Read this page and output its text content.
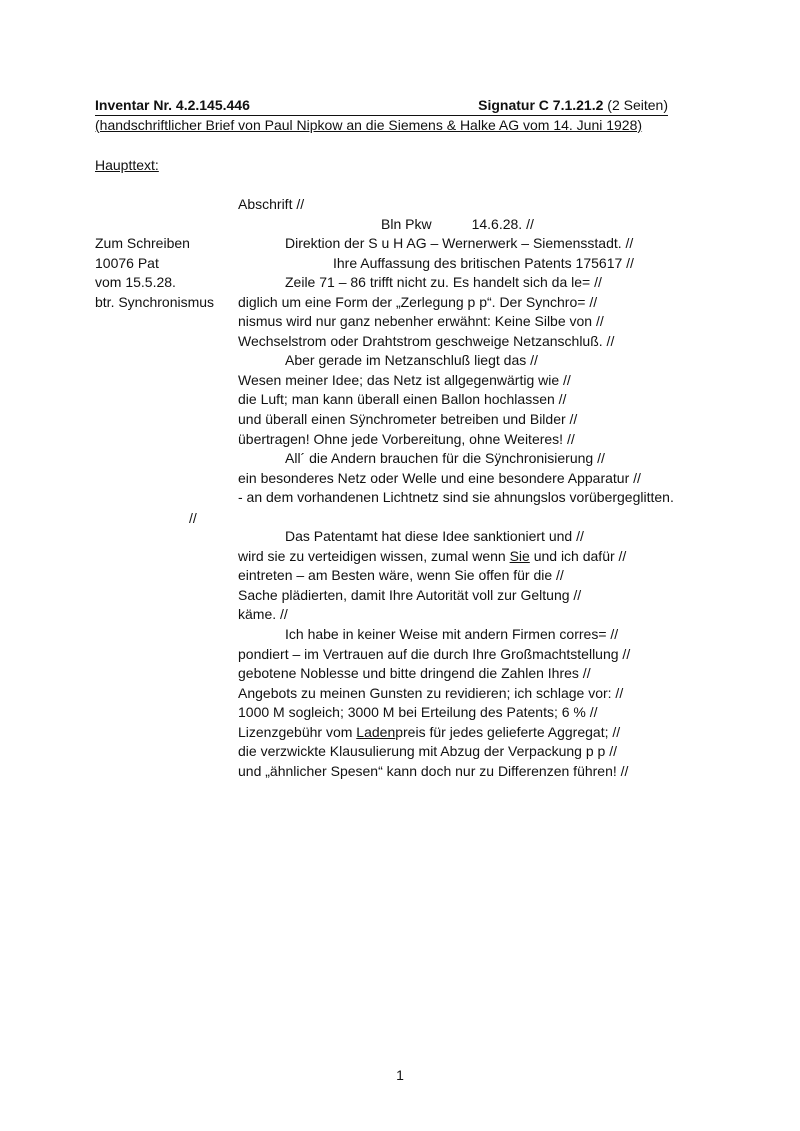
Inventar Nr. 4.2.145.446	Signatur C 7.1.21.2 (2 Seiten)
(handschriftlicher Brief von Paul Nipkow an die Siemens & Halke AG vom 14. Juni 1928)
Haupttext:
Zum Schreiben
10076 Pat
vom 15.5.28.
btr. Synchronismus
//
Abschrift //
Bln Pkw	14.6.28. //
Direktion der S u H AG – Wernerwerk – Siemensstadt. //
Ihre Auffassung des britischen Patents 175617 //
Zeile 71 – 86 trifft nicht zu. Es handelt sich da le= //
diglich um eine Form der „Zerlegung p p“. Der Synchro= //
nismus wird nur ganz nebenher erwähnt: Keine Silbe von //
Wechselstrom oder Drahtstrom geschweige Netzanschluß. //
Aber gerade im Netzanschluß liegt das //
Wesen meiner Idee; das Netz ist allgegenwärtig wie //
die Luft; man kann überall einen Ballon hochlassen //
und überall einen Sÿnchrometer betreiben und Bilder //
übertragen! Ohne jede Vorbereitung, ohne Weiteres! //
All´ die Andern brauchen für die Sÿnchronisierung //
ein besonderes Netz oder Welle und eine besondere Apparatur //
- an dem vorhandenen Lichtnetz sind sie ahnungslos vorübergeglitten.
Das Patentamt hat diese Idee sanktioniert und //
wird sie zu verteidigen wissen, zumal wenn Sie und ich dafür //
eintreten – am Besten wäre, wenn Sie offen für die //
Sache plädierten, damit Ihre Autorität voll zur Geltung //
käme. //
Ich habe in keiner Weise mit andern Firmen corres= //
pondiert – im Vertrauen auf die durch Ihre Großmachtstellung //
gebotene Noblesse und bitte dringend die Zahlen Ihres //
Angebots zu meinen Gunsten zu revidieren; ich schlage vor: //
1000 M sogleich; 3000 M bei Erteilung des Patents; 6 % //
Lizenzgebühr vom Ladenpreis für jedes gelieferte Aggregat; //
die verzwickte Klausulierung mit Abzug der Verpackung p p //
und „ähnlicher Spesen“ kann doch nur zu Differenzen führen! //
1
